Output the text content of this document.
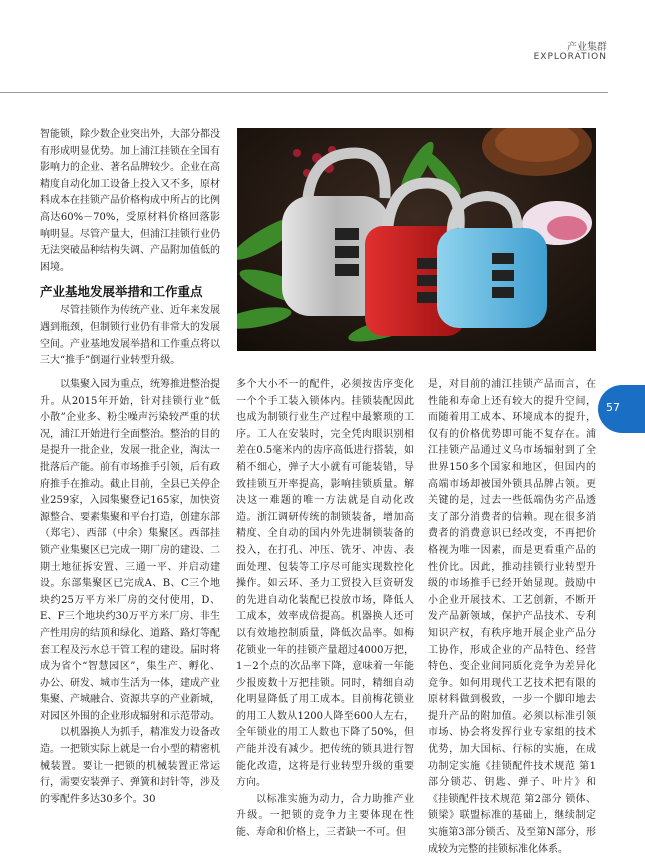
产业集群
EXPLORATION

智能锁，除少数企业突出外，大部分都没有形成明显优势。加上浦江挂锁在全国有影响力的企业、著名品牌较少。企业在高精度自动化加工设备上投入又不多，原材料成本在挂锁产品价格构成中所占的比例高达60%－70%，受原材料价格回落影响明显。尽管产量大，但浦江挂锁行业仍无法突破品种结构失调、产品附加值低的困境。

产业基地发展举措和工作重点

尽管挂锁作为传统产业、近年来发展遇到瓶颈，但制锁行业仍有非常大的发展空间。产业基地发展举措和工作重点将以三大“推手”倒逼行业转型升级。

以集聚入园为重点，统筹推进整治提升。从2015年开始，针对挂锁行业“低小散”企业多、粉尘噪声污染较严重的状况，浦江开始进行全面整治。整治的目的是提升一批企业，发展一批企业，淘汰一批落后产能。前有市场推手引领，后有政府推手在推动。截止目前，全县已关停企业259家，入园集聚登记165家，加快资源整合、要素集聚和平台打造，创建东部（郑宅）、西部（中余）集聚区。西部挂锁产业集聚区已完成一期厂房的建设、二期土地征拆安置、三通一平、并启动建设。东部集聚区已完成A、B、C三个地块约25万平方米厂房的交付使用，D、E、F三个地块约30万平方米厂房、非生产性用房的结顶和绿化、道路、路灯等配套工程及污水总干管工程的建设。届时将成为省个“智慧园区”，集生产、孵化、办公、研发、城市生活为一体，建成产业集聚、产城融合、资源共享的产业新城，对园区外围的企业形成辐射和示范带动。

以机器换人为抓手，精准发力设备改造。一把锁实际上就是一台小型的精密机械装置。要让一把锁的机械装置正常运行，需要安装弹子、弹簧和封针等，涉及的零配件多达30多个。30

多个大小不一的配件，必须按齿序变化一个个手工装入锁体内。挂锁装配因此也成为制锁行业生产过程中最繁琐的工序。工人在安装时，完全凭肉眼识别相差在0.5毫米内的齿序高低进行搭装，如稍不细心，弹子大小就有可能装错，导致挂锁互开率提高，影响挂锁质量。解决这一难题的唯一方法就是自动化改造。浙江调研传统的制锁装备，增加高精度、全自动的国内外先进制锁装备的投入，在打孔、冲压、铣牙、冲齿、表面处理、包装等工序尽可能实现数控化操作。如云环、圣力工贸投入巨资研发的先进自动化装配已投放市场，降低人工成本，效率成倍提高。机器换人还可以有效地控制质量，降低次品率。如梅花锁业一年的挂锁产量超过4000万把，1－2个点的次品率下降，意味着一年能少报废数十万把挂锁。同时，精细自动化明显降低了用工成本。目前梅花锁业的用工人数从1200人降至600人左右，全年锁业的用工人数也下降了50%，但产能并没有减少。把传统的锁具进行智能化改造，这将是行业转型升级的重要方向。

以标准实施为动力，合力助推产业升级。一把锁的竞争力主要体现在性能、寿命和价格上，三者缺一不可。但

是，对目前的浦江挂锁产品而言，在性能和寿命上还有较大的提升空间，而随着用工成本、环境成本的提升，仅有的价格优势即可能不复存在。浦江挂锁产品通过义乌市场辐射到了全世界150多个国家和地区，但国内的高端市场却被国外锁具品牌占领。更关键的是，过去一些低端伪劣产品透支了部分消费者的信赖。现在很多消费者的消费意识已经改变，不再把价格视为唯一因素，而是更看重产品的性价比。因此，推动挂锁行业转型升级的市场推手已经开始显现。鼓励中小企业开展技术、工艺创新，不断开发产品新领域，保护产品技术、专利知识产权，有秩序地开展企业产品分工协作，形成企业的产品特色、经营特色、变企业间同质化竞争为差异化竞争。如何用现代工艺技术把有限的原材料做到极致，一步一个脚印地去提升产品的附加值。必须以标准引领市场、协会将发挥行业专家组的技术优势，加大国标、行标的实施，在成功制定实施《挂锁配件技术规范 第1部分锁芯、钥匙、弹子、叶片》和《挂锁配件技术规范 第2部分 锁体、锁梁》联盟标准的基础上，继续制定实施第3部分锁舌、及至第N部分，形成较为完整的挂锁标准化体系。

57
